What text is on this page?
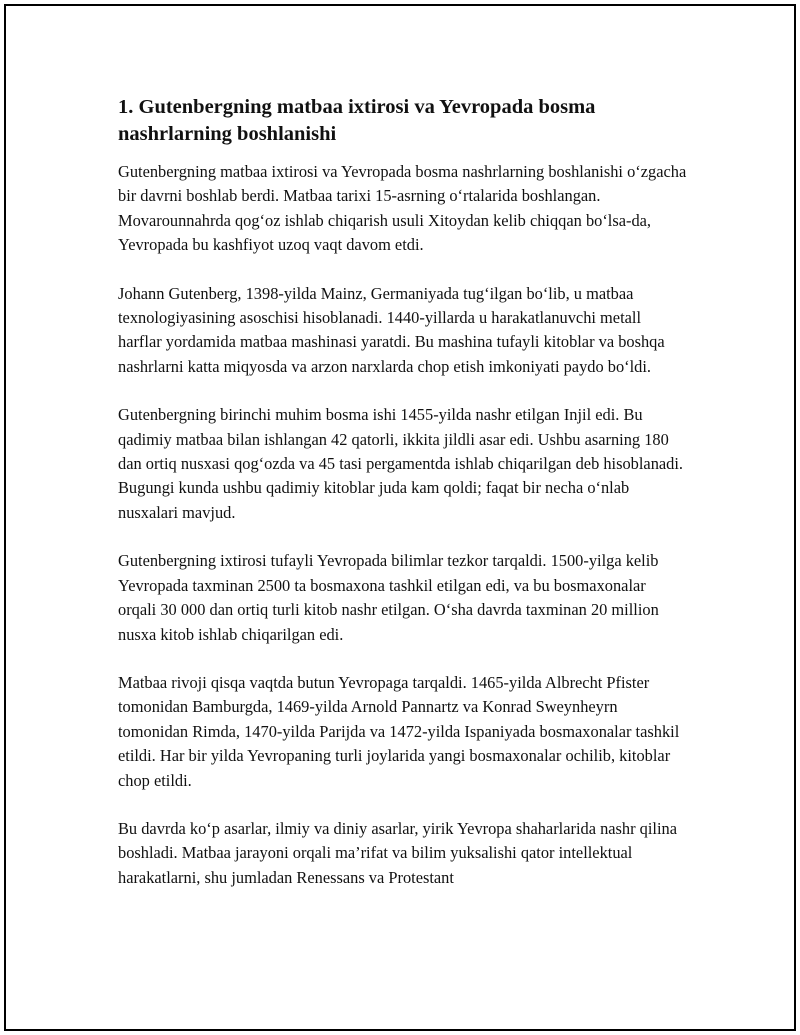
1. Gutenbergning matbaa ixtirosi va Yevropada bosma nashrlarning boshlanishi

Gutenbergning matbaa ixtirosi va Yevropada bosma nashrlarning boshlanishi o‘zgacha bir davrni boshlab berdi. Matbaa tarixi 15-asrning o‘rtalarida boshlangan. Movarounnahrda qog‘oz ishlab chiqarish usuli Xitoydan kelib chiqqan bo‘lsa-da, Yevropada bu kashfiyot uzoq vaqt davom etdi.

Johann Gutenberg, 1398-yilda Mainz, Germaniyada tug‘ilgan bo‘lib, u matbaa texnologiyasining asoschisi hisoblanadi. 1440-yillarda u harakatlanuvchi metall harflar yordamida matbaa mashinasi yaratdi. Bu mashina tufayli kitoblar va boshqa nashrlarni katta miqyosda va arzon narxlarda chop etish imkoniyati paydo bo‘ldi.

Gutenbergning birinchi muhim bosma ishi 1455-yilda nashr etilgan Injil edi. Bu qadimiy matbaa bilan ishlangan 42 qatorli, ikkita jildli asar edi. Ushbu asarning 180 dan ortiq nusxasi qog‘ozda va 45 tasi pergamentda ishlab chiqarilgan deb hisoblanadi. Bugungi kunda ushbu qadimiy kitoblar juda kam qoldi; faqat bir necha o‘nlab nusxalari mavjud.

Gutenbergning ixtirosi tufayli Yevropada bilimlar tezkor tarqaldi. 1500-yilga kelib Yevropada taxminan 2500 ta bosmaxona tashkil etilgan edi, va bu bosmaxonalar orqali 30 000 dan ortiq turli kitob nashr etilgan. O‘sha davrda taxminan 20 million nusxa kitob ishlab chiqarilgan edi.

Matbaa rivoji qisqa vaqtda butun Yevropaga tarqaldi. 1465-yilda Albrecht Pfister tomonidan Bamburgda, 1469-yilda Arnold Pannartz va Konrad Sweynheyrn tomonidan Rimda, 1470-yilda Parijda va 1472-yilda Ispaniyada bosmaxonalar tashkil etildi. Har bir yilda Yevropaning turli joylarida yangi bosmaxonalar ochilib, kitoblar chop etildi.

Bu davrda ko‘p asarlar, ilmiy va diniy asarlar, yirik Yevropa shaharlarida nashr qilina boshladi. Matbaa jarayoni orqali ma’rifat va bilim yuksalishi qator intellektual harakatlarni, shu jumladan Renessans va Protestant
